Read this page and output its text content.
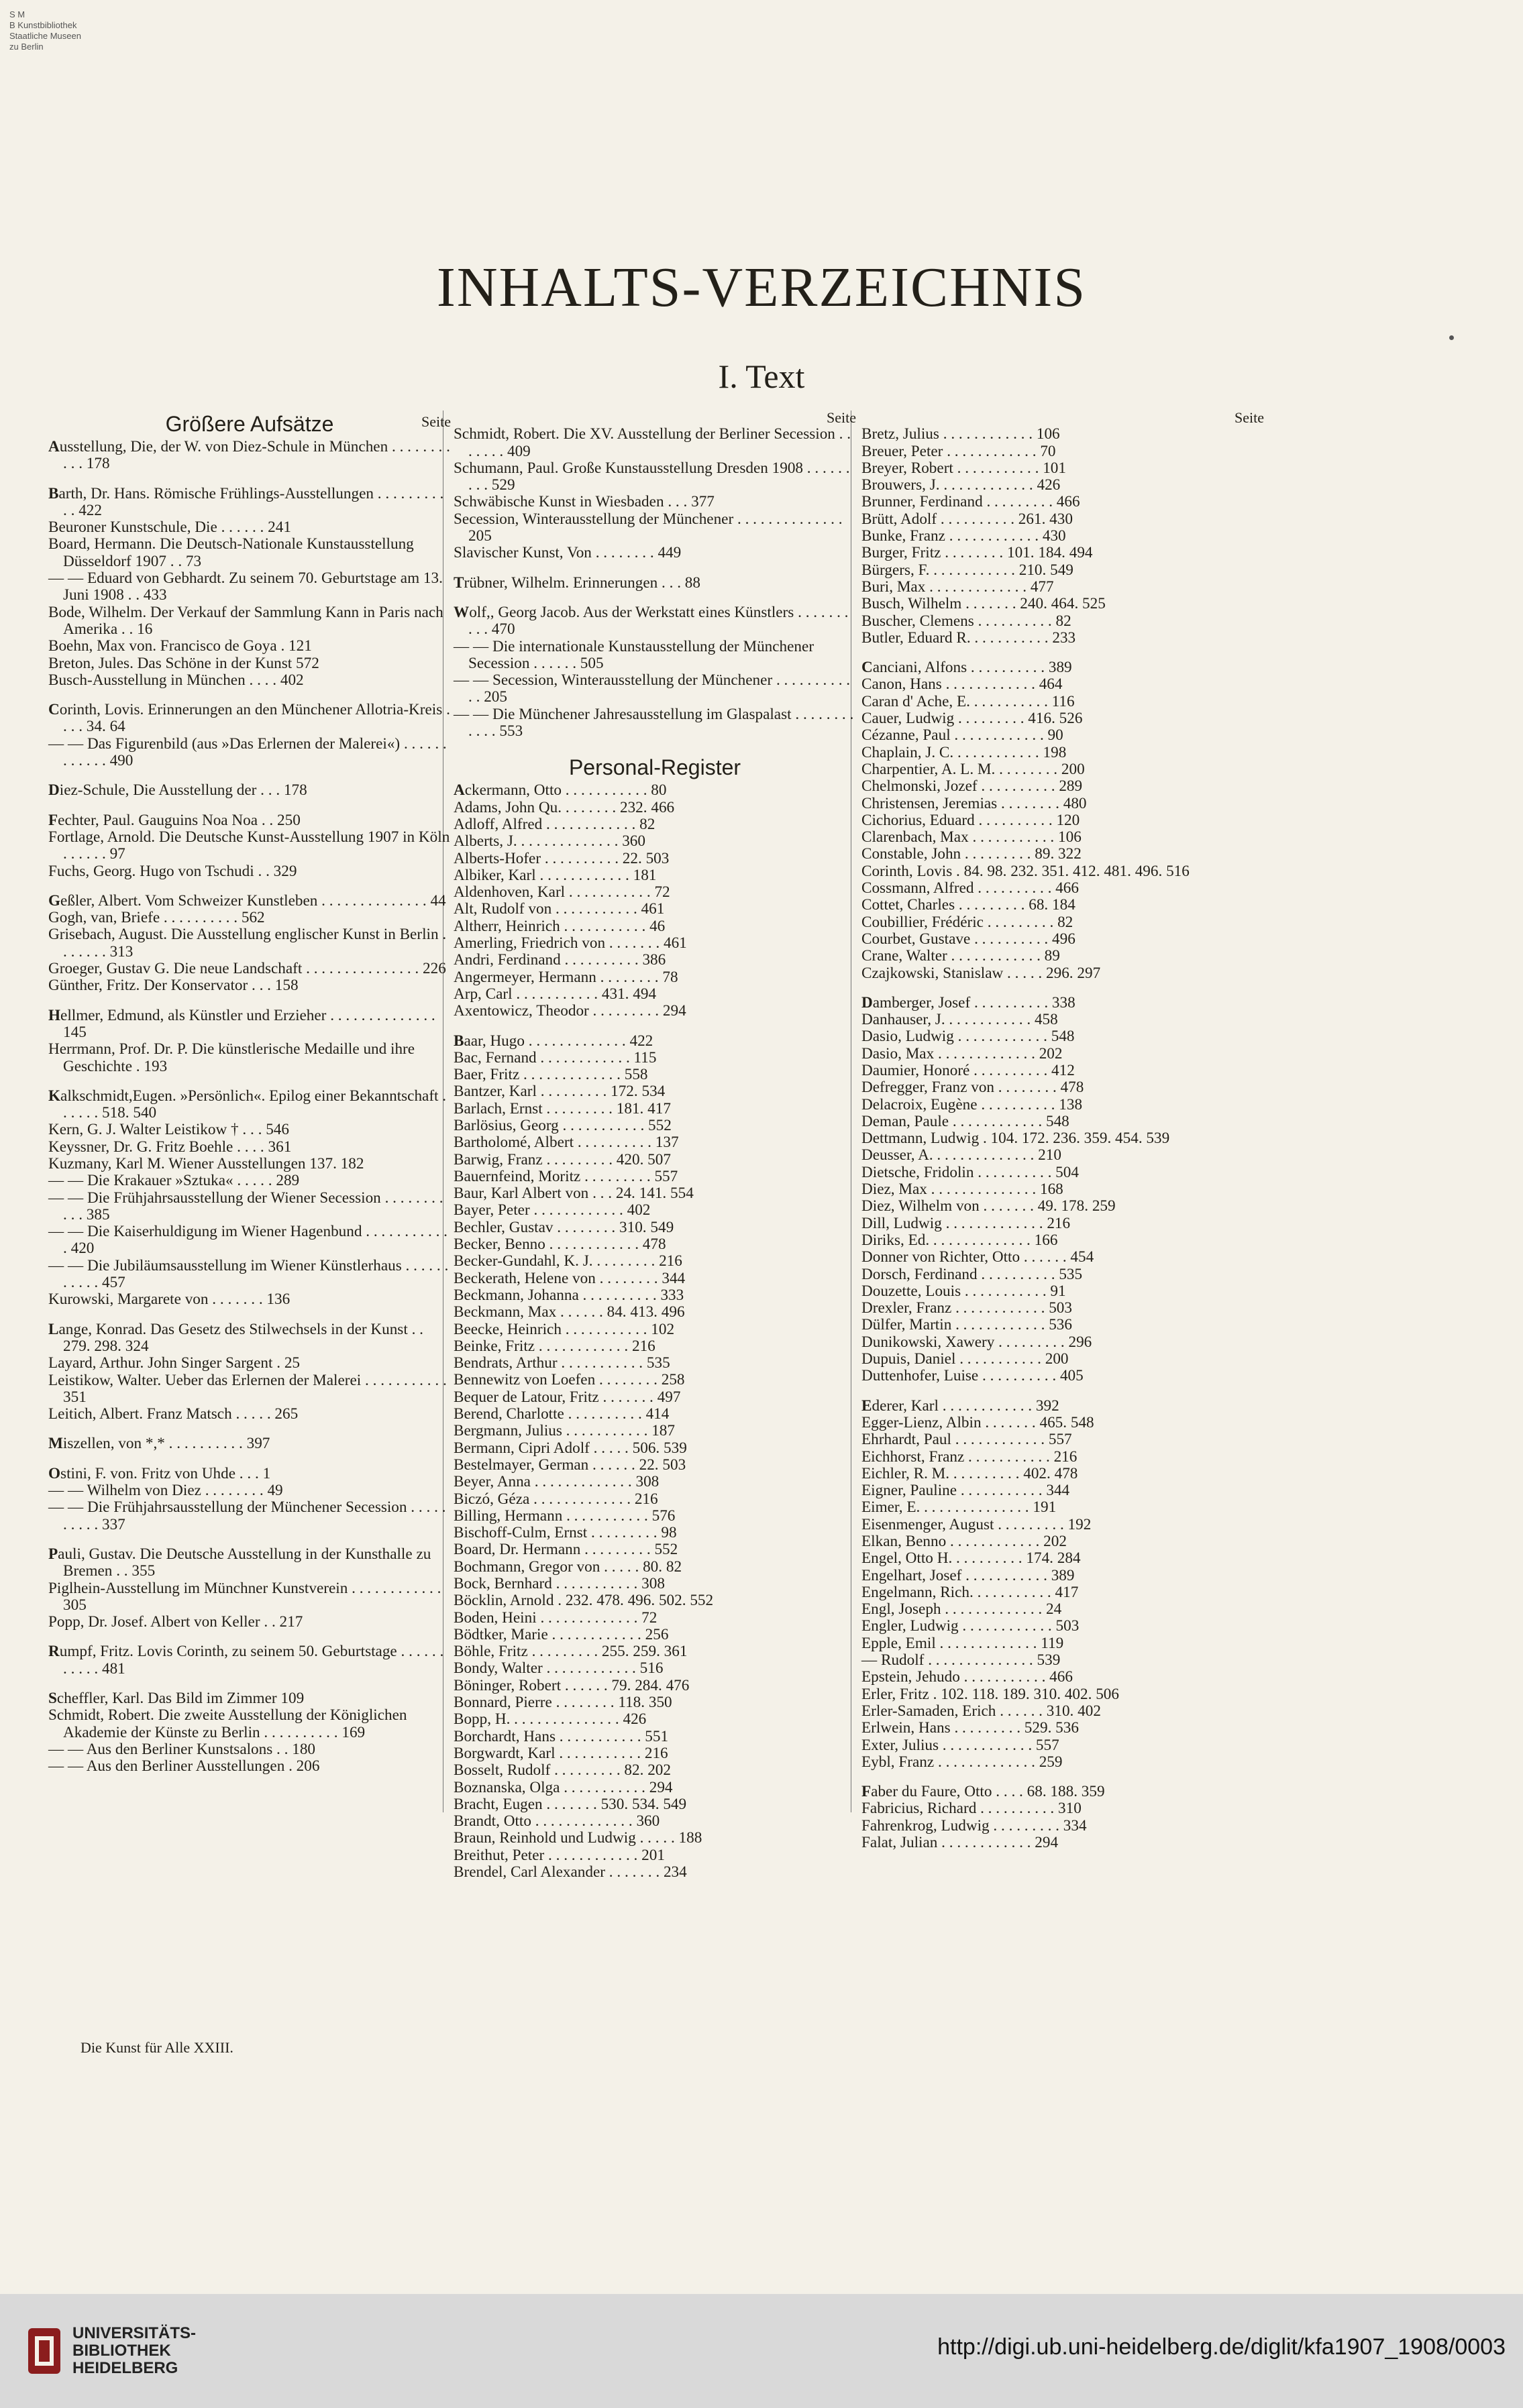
S M
B Kunstbibliothek
Staatliche Museen
zu Berlin
INHALTS-VERZEICHNIS
I. Text
Größere Aufsätze	Seite
Ausstellung, Die, der W. von Diez-Schule in München . . . . . . . . . . . 178
Barth, Dr. Hans. Römische Frühlings-Ausstellungen . . . . . . . . . . . 422
Beuroner Kunstschule, Die . . . . . . 241
Board, Hermann. Die Deutsch-Nationale Kunstausstellung Düsseldorf 1907 . . 73
— — Eduard von Gebhardt. Zu seinem 70. Geburtstage am 13. Juni 1908 . . 433
Bode, Wilhelm. Der Verkauf der Sammlung Kann in Paris nach Amerika . . 16
Boehn, Max von. Francisco de Goya . 121
Breton, Jules. Das Schöne in der Kunst 572
Busch-Ausstellung in München . . . . 402
Corinth, Lovis. Erinnerungen an den Münchener Allotria-Kreis . . . . 34. 64
— — Das Figurenbild (aus »Das Erlernen der Malerei«) . . . . . . . . . . . . 490
Diez-Schule, Die Ausstellung der . . . 178
Fechter, Paul. Gauguins Noa Noa . . 250
Fortlage, Arnold. Die Deutsche Kunst-Ausstellung 1907 in Köln . . . . . . 97
Fuchs, Georg. Hugo von Tschudi . . 329
Geßler, Albert. Vom Schweizer Kunstleben . . . . . . . . . . . . . . 44
Gogh, van, Briefe . . . . . . . . . . 562
Grisebach, August. Die Ausstellung englischer Kunst in Berlin . . . . . . . 313
Groeger, Gustav G. Die neue Landschaft . . . . . . . . . . . . . . . 226
Günther, Fritz. Der Konservator . . . 158
Hellmer, Edmund, als Künstler und Erzieher . . . . . . . . . . . . . . 145
Herrmann, Prof. Dr. P. Die künstlerische Medaille und ihre Geschichte . 193
Kalkschmidt,Eugen. »Persönlich«. Epilog einer Bekanntschaft . . . . . . 518. 540
Kern, G. J. Walter Leistikow † . . . 546
Keyssner, Dr. G. Fritz Boehle . . . . 361
Kuzmany, Karl M. Wiener Ausstellungen 137. 182
— — Die Krakauer »Sztuka« . . . . . 289
— — Die Frühjahrsausstellung der Wiener Secession . . . . . . . . . . . 385
— — Die Kaiserhuldigung im Wiener Hagenbund . . . . . . . . . . . . 420
— — Die Jubiläumsausstellung im Wiener Künstlerhaus . . . . . . . . . . . 457
Kurowski, Margarete von . . . . . . . 136
Lange, Konrad. Das Gesetz des Stilwechsels in der Kunst . . 279. 298. 324
Layard, Arthur. John Singer Sargent . 25
Leistikow, Walter. Ueber das Erlernen der Malerei . . . . . . . . . . . 351
Leitich, Albert. Franz Matsch . . . . . 265
Miszellen, von *,* . . . . . . . . . . 397
Ostini, F. von. Fritz von Uhde . . . 1
— — Wilhelm von Diez . . . . . . . . 49
— — Die Frühjahrsausstellung der Münchener Secession . . . . . . . . . . 337
Pauli, Gustav. Die Deutsche Ausstellung in der Kunsthalle zu Bremen . . 355
Piglhein-Ausstellung im Münchner Kunstverein . . . . . . . . . . . . 305
Popp, Dr. Josef. Albert von Keller . . 217
Rumpf, Fritz. Lovis Corinth, zu seinem 50. Geburtstage . . . . . . . . . . . 481
Scheffler, Karl. Das Bild im Zimmer 109
Schmidt, Robert. Die zweite Ausstellung der Königlichen Akademie der Künste zu Berlin . . . . . . . . . . 169
— — Aus den Berliner Kunstsalons . . 180
— — Aus den Berliner Ausstellungen . 206
Seite
Schmidt, Robert. Die XV. Ausstellung der Berliner Secession . . . . . . . 409
Schumann, Paul. Große Kunstausstellung Dresden 1908 . . . . . . . . . 529
Schwäbische Kunst in Wiesbaden . . . 377
Secession, Winterausstellung der Münchener . . . . . . . . . . . . . . 205
Slavischer Kunst, Von . . . . . . . . 449
Trübner, Wilhelm. Erinnerungen . . . 88
Wolf,, Georg Jacob. Aus der Werkstatt eines Künstlers . . . . . . . . . . 470
— — Die internationale Kunstausstellung der Münchener Secession . . . . . . 505
— — Secession, Winterausstellung der Münchener . . . . . . . . . . . . 205
— — Die Münchener Jahresausstellung im Glaspalast . . . . . . . . . . . . 553
Personal-Register
Ackermann, Otto . . . . . . . . . . . 80
Adams, John Qu. . . . . . . . 232. 466
Adloff, Alfred . . . . . . . . . . . . 82
Alberts, J. . . . . . . . . . . . . . 360
Alberts-Hofer . . . . . . . . . . 22. 503
Albiker, Karl . . . . . . . . . . . . 181
Aldenhoven, Karl . . . . . . . . . . . 72
Alt, Rudolf von . . . . . . . . . . . 461
Altherr, Heinrich . . . . . . . . . . . 46
Amerling, Friedrich von . . . . . . . 461
Andri, Ferdinand . . . . . . . . . . 386
Angermeyer, Hermann . . . . . . . . 78
Arp, Carl . . . . . . . . . . . 431. 494
Axentowicz, Theodor . . . . . . . . . 294
Baar, Hugo . . . . . . . . . . . . . 422
Bac, Fernand . . . . . . . . . . . . 115
Baer, Fritz . . . . . . . . . . . . . 558
Bantzer, Karl . . . . . . . . . 172. 534
Barlach, Ernst . . . . . . . . . 181. 417
Barlösius, Georg . . . . . . . . . . . 552
Bartholomé, Albert . . . . . . . . . . 137
Barwig, Franz . . . . . . . . . 420. 507
Bauernfeind, Moritz . . . . . . . . . 557
Baur, Karl Albert von . . . 24. 141. 554
Bayer, Peter . . . . . . . . . . . . 402
Bechler, Gustav . . . . . . . . 310. 549
Becker, Benno . . . . . . . . . . . . 478
Becker-Gundahl, K. J. . . . . . . . . 216
Beckerath, Helene von . . . . . . . . 344
Beckmann, Johanna . . . . . . . . . . 333
Beckmann, Max . . . . . . 84. 413. 496
Beecke, Heinrich . . . . . . . . . . . 102
Beinke, Fritz . . . . . . . . . . . . 216
Bendrats, Arthur . . . . . . . . . . . 535
Bennewitz von Loefen . . . . . . . . 258
Bequer de Latour, Fritz . . . . . . . 497
Berend, Charlotte . . . . . . . . . . 414
Bergmann, Julius . . . . . . . . . . . 187
Bermann, Cipri Adolf . . . . . 506. 539
Bestelmayer, German . . . . . . 22. 503
Beyer, Anna . . . . . . . . . . . . . 308
Biczó, Géza . . . . . . . . . . . . . 216
Billing, Hermann . . . . . . . . . . . 576
Bischoff-Culm, Ernst . . . . . . . . . 98
Board, Dr. Hermann . . . . . . . . . 552
Bochmann, Gregor von . . . . . 80. 82
Bock, Bernhard . . . . . . . . . . . 308
Böcklin, Arnold . 232. 478. 496. 502. 552
Boden, Heini . . . . . . . . . . . . . 72
Bödtker, Marie . . . . . . . . . . . . 256
Böhle, Fritz . . . . . . . . . 255. 259. 361
Bondy, Walter . . . . . . . . . . . . 516
Böninger, Robert . . . . . . 79. 284. 476
Bonnard, Pierre . . . . . . . . 118. 350
Bopp, H. . . . . . . . . . . . . . . 426
Borchardt, Hans . . . . . . . . . . . 551
Borgwardt, Karl . . . . . . . . . . . 216
Bosselt, Rudolf . . . . . . . . . 82. 202
Boznanska, Olga . . . . . . . . . . . 294
Bracht, Eugen . . . . . . . 530. 534. 549
Brandt, Otto . . . . . . . . . . . . . 360
Braun, Reinhold und Ludwig . . . . . 188
Breithut, Peter . . . . . . . . . . . . 201
Brendel, Carl Alexander . . . . . . . 234
Seite
Bretz, Julius . . . . . . . . . . . . 106
Breuer, Peter . . . . . . . . . . . . 70
Breyer, Robert . . . . . . . . . . . 101
Brouwers, J. . . . . . . . . . . . . 426
Brunner, Ferdinand . . . . . . . . . 466
Brütt, Adolf . . . . . . . . . . 261. 430
Bunke, Franz . . . . . . . . . . . . 430
Burger, Fritz . . . . . . . . 101. 184. 494
Bürgers, F. . . . . . . . . . . . 210. 549
Buri, Max . . . . . . . . . . . . . 477
Busch, Wilhelm . . . . . . . 240. 464. 525
Buscher, Clemens . . . . . . . . . . 82
Butler, Eduard R. . . . . . . . . . . 233
Canciani, Alfons . . . . . . . . . . 389
Canon, Hans . . . . . . . . . . . . 464
Caran d' Ache, E. . . . . . . . . . . 116
Cauer, Ludwig . . . . . . . . . 416. 526
Cézanne, Paul . . . . . . . . . . . . 90
Chaplain, J. C. . . . . . . . . . . . 198
Charpentier, A. L. M. . . . . . . . . 200
Chelmonski, Jozef . . . . . . . . . . 289
Christensen, Jeremias . . . . . . . . 480
Cichorius, Eduard . . . . . . . . . . 120
Clarenbach, Max . . . . . . . . . . . 106
Constable, John . . . . . . . . . 89. 322
Corinth, Lovis . 84. 98. 232. 351. 412. 481. 496. 516
Cossmann, Alfred . . . . . . . . . . 466
Cottet, Charles . . . . . . . . . 68. 184
Coubillier, Frédéric . . . . . . . . . 82
Courbet, Gustave . . . . . . . . . . 496
Crane, Walter . . . . . . . . . . . . 89
Czajkowski, Stanislaw . . . . . 296. 297
Damberger, Josef . . . . . . . . . . 338
Danhauser, J. . . . . . . . . . . . 458
Dasio, Ludwig . . . . . . . . . . . . 548
Dasio, Max . . . . . . . . . . . . . 202
Daumier, Honoré . . . . . . . . . . 412
Defregger, Franz von . . . . . . . . 478
Delacroix, Eugène . . . . . . . . . . 138
Deman, Paule . . . . . . . . . . . . 548
Dettmann, Ludwig . 104. 172. 236. 359. 454. 539
Deusser, A. . . . . . . . . . . . . . 210
Dietsche, Fridolin . . . . . . . . . . 504
Diez, Max . . . . . . . . . . . . . . 168
Diez, Wilhelm von . . . . . . . 49. 178. 259
Dill, Ludwig . . . . . . . . . . . . . 216
Diriks, Ed. . . . . . . . . . . . . . 166
Donner von Richter, Otto . . . . . . 454
Dorsch, Ferdinand . . . . . . . . . . 535
Douzette, Louis . . . . . . . . . . . 91
Drexler, Franz . . . . . . . . . . . . 503
Dülfer, Martin . . . . . . . . . . . . 536
Dunikowski, Xawery . . . . . . . . . 296
Dupuis, Daniel . . . . . . . . . . . 200
Duttenhofer, Luise . . . . . . . . . . 405
Ederer, Karl . . . . . . . . . . . . 392
Egger-Lienz, Albin . . . . . . . 465. 548
Ehrhardt, Paul . . . . . . . . . . . . 557
Eichhorst, Franz . . . . . . . . . . . 216
Eichler, R. M. . . . . . . . . . 402. 478
Eigner, Pauline . . . . . . . . . . . 344
Eimer, E. . . . . . . . . . . . . . . 191
Eisenmenger, August . . . . . . . . . 192
Elkan, Benno . . . . . . . . . . . . 202
Engel, Otto H. . . . . . . . . . 174. 284
Engelhart, Josef . . . . . . . . . . . 389
Engelmann, Rich. . . . . . . . . . . 417
Engl, Joseph . . . . . . . . . . . . . 24
Engler, Ludwig . . . . . . . . . . . . 503
Epple, Emil . . . . . . . . . . . . . 119
— Rudolf . . . . . . . . . . . . . . 539
Epstein, Jehudo . . . . . . . . . . . 466
Erler, Fritz . 102. 118. 189. 310. 402. 506
Erler-Samaden, Erich . . . . . . 310. 402
Erlwein, Hans . . . . . . . . . 529. 536
Exter, Julius . . . . . . . . . . . . 557
Eybl, Franz . . . . . . . . . . . . . 259
Faber du Faure, Otto . . . . 68. 188. 359
Fabricius, Richard . . . . . . . . . . 310
Fahrenkrog, Ludwig . . . . . . . . . 334
Falat, Julian . . . . . . . . . . . . 294
Die Kunst für Alle XXIII.
UNIVERSITÄTS-
BIBLIOTHEK
HEIDELBERG
http://digi.ub.uni-heidelberg.de/diglit/kfa1907_1908/0003
